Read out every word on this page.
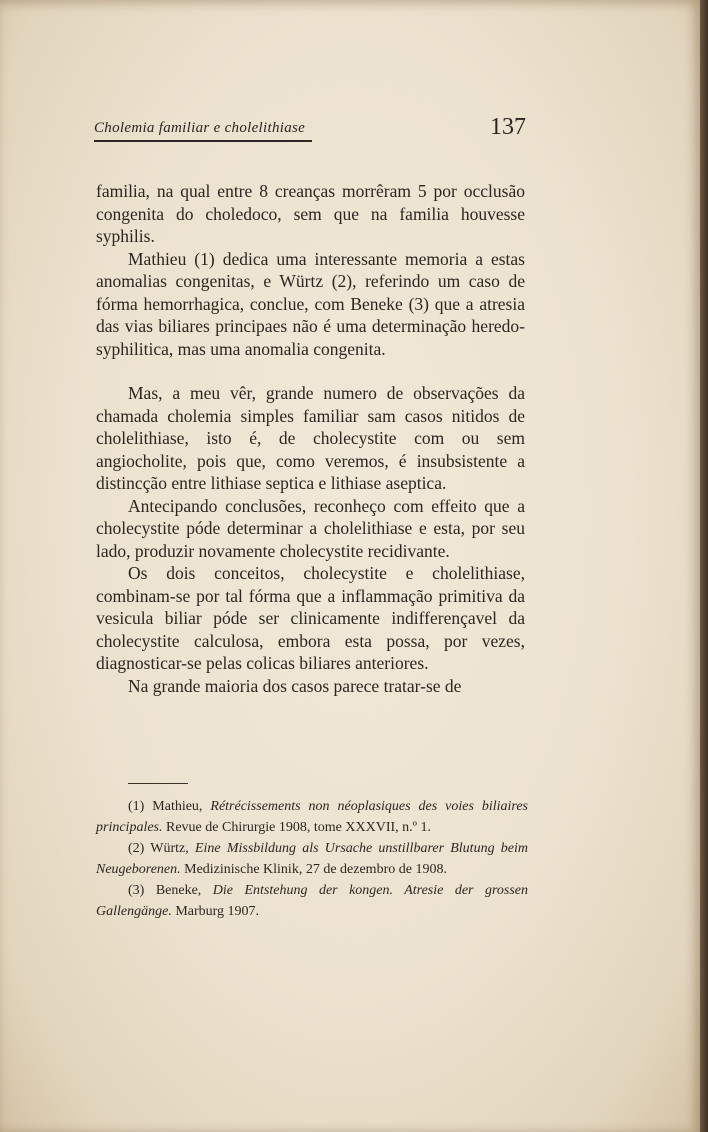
Cholemia familiar e cholelithiase	137

familia, na qual entre 8 creanças morrêram 5 por occlusão congenita do choledoco, sem que na familia houvesse syphilis.

Mathieu (1) dedica uma interessante memoria a estas anomalias congenitas, e Würtz (2), referindo um caso de fórma hemorrhagica, conclue, com Beneke (3) que a atresia das vias biliares principaes não é uma determinação heredo-syphilitica, mas uma anomalia congenita.

Mas, a meu vêr, grande numero de observações da chamada cholemia simples familiar sam casos nitidos de cholelithiase, isto é, de cholecystite com ou sem angiocholite, pois que, como veremos, é insubsistente a distincção entre lithiase septica e lithiase aseptica.

Antecipando conclusões, reconheço com effeito que a cholecystite póde determinar a cholelithiase e esta, por seu lado, produzir novamente cholecystite recidivante.

Os dois conceitos, cholecystite e cholelithiase, combinam-se por tal fórma que a inflammação primitiva da vesicula biliar póde ser clinicamente indifferençavel da cholecystite calculosa, embora esta possa, por vezes, diagnosticar-se pelas colicas biliares anteriores.

Na grande maioria dos casos parece tratar-se de

(1) Mathieu, Rétrécissements non néoplasiques des voies biliaires principales. Revue de Chirurgie 1908, tome XXXVII, n.º 1.

(2) Würtz, Eine Missbildung als Ursache unstillbarer Blutung beim Neugeborenen. Medizinische Klinik, 27 de dezembro de 1908.

(3) Beneke, Die Entstehung der kongen. Atresie der grossen Gallengänge. Marburg 1907.
